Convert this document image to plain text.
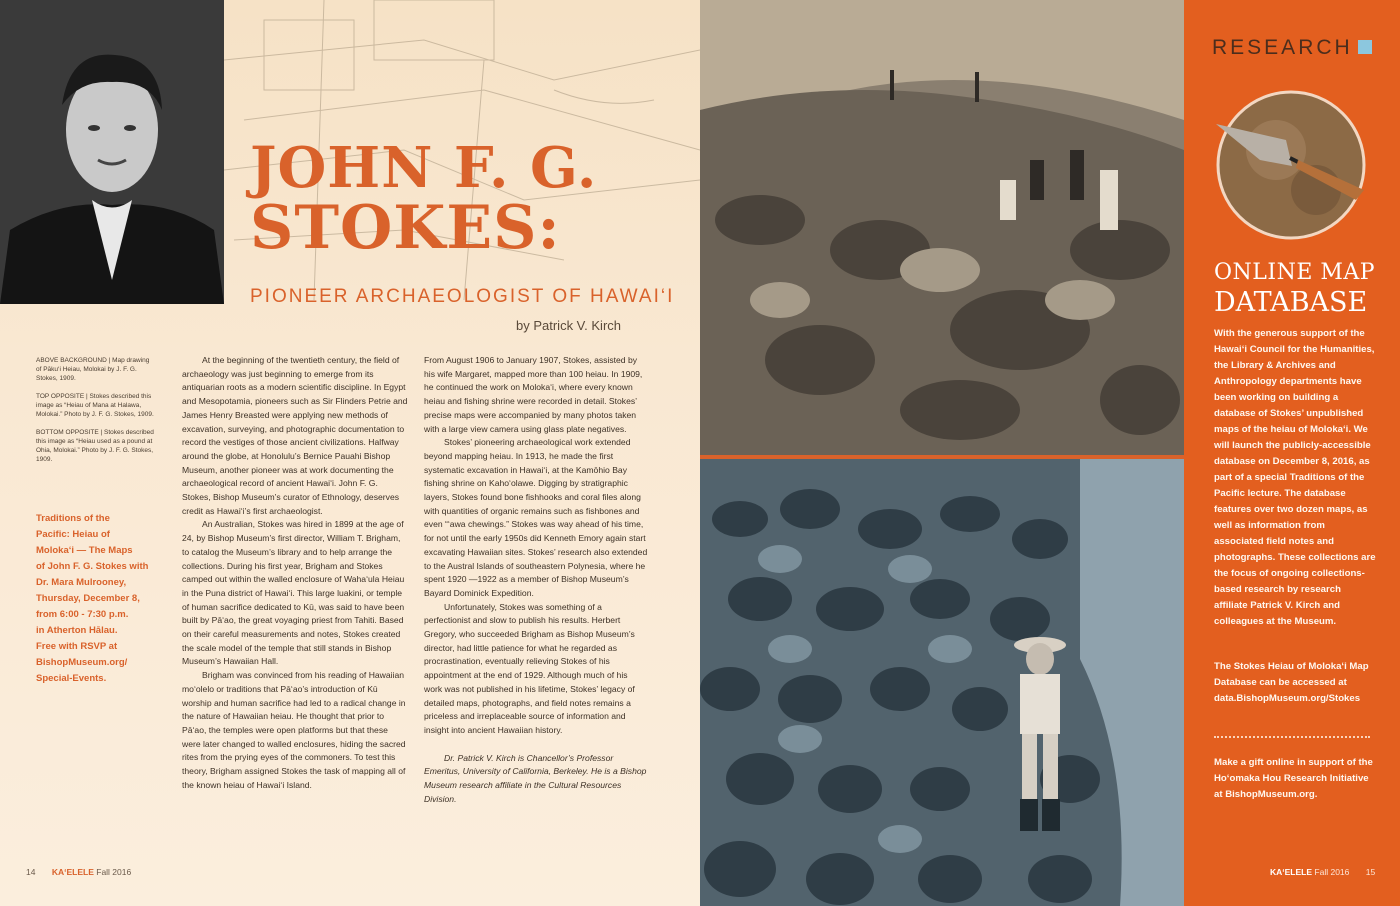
JOHN F. G.
STOKES:
PIONEER ARCHAEOLOGIST OF HAWAI‘I
by Patrick V. Kirch

ABOVE BACKGROUND | Map drawing of Pāku‘i Heiau, Molokai by J. F. G. Stokes, 1909.

TOP OPPOSITE | Stokes described this image as “Heiau of Mana at Halawa, Molokai.” Photo by J. F. G. Stokes, 1909.

BOTTOM OPPOSITE | Stokes described this image as “Heiau used as a pound at Ohia, Molokai.” Photo by J. F. G. Stokes, 1909.

Traditions of the
Pacific: Heiau of
Moloka‘i — The Maps
of John F. G. Stokes with
Dr. Mara Mulrooney,
Thursday, December 8,
from 6:00 - 7:30 p.m.
in Atherton Hālau.
Free with RSVP at
BishopMuseum.org/
Special-Events.

At the beginning of the twentieth century, the field of archaeology was just beginning to emerge from its antiquarian roots as a modern scientific discipline. In Egypt and Mesopotamia, pioneers such as Sir Flinders Petrie and James Henry Breasted were applying new methods of excavation, surveying, and photographic documentation to record the vestiges of those ancient civilizations. Halfway around the globe, at Honolulu’s Bernice Pauahi Bishop Museum, another pioneer was at work documenting the archaeological record of ancient Hawai‘i. John F. G. Stokes, Bishop Museum’s curator of Ethnology, deserves credit as Hawai‘i’s first archaeologist.

An Australian, Stokes was hired in 1899 at the age of 24, by Bishop Museum’s first director, William T. Brigham, to catalog the Museum’s library and to help arrange the collections. During his first year, Brigham and Stokes camped out within the walled enclosure of Waha‘ula Heiau in the Puna district of Hawai‘i. This large luakini, or temple of human sacrifice dedicated to Kū, was said to have been built by Pā‘ao, the great voyaging priest from Tahiti. Based on their careful measurements and notes, Stokes created the scale model of the temple that still stands in Bishop Museum’s Hawaiian Hall.

Brigham was convinced from his reading of Hawaiian mo‘olelo or traditions that Pā‘ao’s introduction of Kū worship and human sacrifice had led to a radical change in the nature of Hawaiian heiau. He thought that prior to Pā‘ao, the temples were open platforms but that these were later changed to walled enclosures, hiding the sacred rites from the prying eyes of the commoners. To test this theory, Brigham assigned Stokes the task of mapping all of the known heiau of Hawai‘i Island.

From August 1906 to January 1907, Stokes, assisted by his wife Margaret, mapped more than 100 heiau. In 1909, he continued the work on Moloka‘i, where every known heiau and fishing shrine were recorded in detail. Stokes’ precise maps were accompanied by many photos taken with a large view camera using glass plate negatives.

Stokes’ pioneering archaeological work extended beyond mapping heiau. In 1913, he made the first systematic excavation in Hawai‘i, at the Kamōhio Bay fishing shrine on Kaho‘olawe. Digging by stratigraphic layers, Stokes found bone fishhooks and coral files along with quantities of organic remains such as fishbones and even “‘awa chewings.” Stokes was way ahead of his time, for not until the early 1950s did Kenneth Emory again start excavating Hawaiian sites. Stokes’ research also extended to the Austral Islands of southeastern Polynesia, where he spent 1920 —1922 as a member of Bishop Museum’s Bayard Dominick Expedition.

Unfortunately, Stokes was something of a perfectionist and slow to publish his results. Herbert Gregory, who succeeded Brigham as Bishop Museum’s director, had little patience for what he regarded as procrastination, eventually relieving Stokes of his appointment at the end of 1929. Although much of his work was not published in his lifetime, Stokes’ legacy of detailed maps, photographs, and field notes remains a priceless and irreplaceable source of information and insight into ancient Hawaiian history.

Dr. Patrick V. Kirch is Chancellor’s Professor Emeritus, University of California, Berkeley. He is a Bishop Museum research affiliate in the Cultural Resources Division.

14 KA‘ELELE Fall 2016
RESEARCH
ONLINE MAP
DATABASE
With the generous support of the Hawai‘i Council for the Humanities, the Library & Archives and Anthropology departments have been working on building a database of Stokes’ unpublished maps of the heiau of Moloka‘i. We will launch the publicly-accessible database on December 8, 2016, as part of a special Traditions of the Pacific lecture. The database features over two dozen maps, as well as information from associated field notes and photographs. These collections are the focus of ongoing collections-based research by research affiliate Patrick V. Kirch and colleagues at the Museum.
The Stokes Heiau of Moloka‘i Map Database can be accessed at data.BishopMuseum.org/Stokes
Make a gift online in support of the Ho‘omaka Hou Research Initiative at BishopMuseum.org.
KA‘ELELE Fall 2016 15
